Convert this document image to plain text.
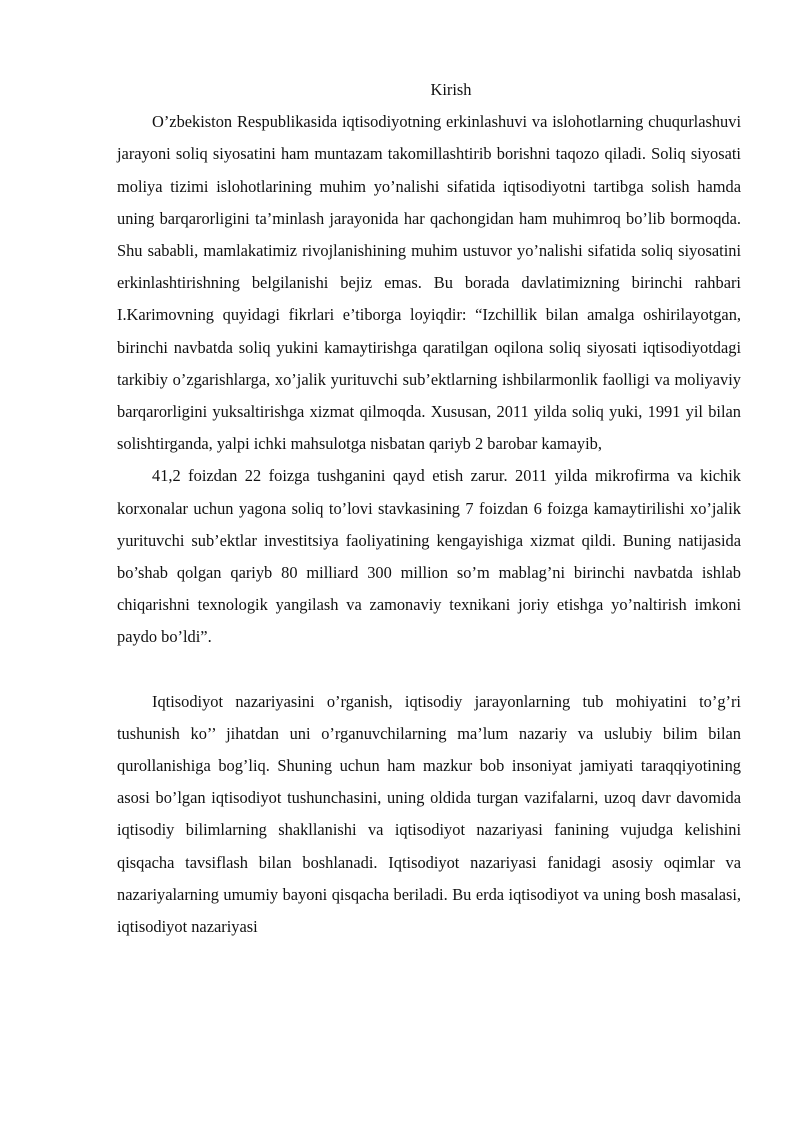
Kirish

O’zbekiston Respublikasida iqtisodiyotning erkinlashuvi va islohotlarning chuqurlashuvi jarayoni soliq siyosatini ham muntazam takomillashtirib borishni taqozo qiladi. Soliq siyosati moliya tizimi islohotlarining muhim yo’nalishi sifatida iqtisodiyotni tartibga solish hamda uning barqarorligini ta’minlash jarayonida har qachongidan ham muhimroq bo’lib bormoqda. Shu sababli, mamlakatimiz rivojlanishining muhim ustuvor yo’nalishi sifatida soliq siyosatini erkinlashtirishning belgilanishi bejiz emas. Bu borada davlatimizning birinchi rahbari I.Karimovning quyidagi fikrlari e’tiborga loyiqdir: “Izchillik bilan amalga oshirilayotgan, birinchi navbatda soliq yukini kamaytirishga qaratilgan oqilona soliq siyosati iqtisodiyotdagi tarkibiy o’zgarishlarga, xo’jalik yurituvchi sub’ektlarning ishbilarmonlik faolligi va moliyaviy barqarorligini yuksaltirishga xizmat qilmoqda. Xususan, 2011 yilda soliq yuki, 1991 yil bilan solishtirganda, yalpi ichki mahsulotga nisbatan qariyb 2 barobar kamayib,

41,2 foizdan 22 foizga tushganini qayd etish zarur. 2011 yilda mikrofirma va kichik korxonalar uchun yagona soliq to’lovi stavkasining 7 foizdan 6 foizga kamaytirilishi xo’jalik yurituvchi sub’ektlar investitsiya faoliyatining kengayishiga xizmat qildi. Buning natijasida bo’shab qolgan qariyb 80 milliard 300 million so’m mablag’ni birinchi navbatda ishlab chiqarishni texnologik yangilash va zamonaviy texnikani joriy etishga yo’naltirish imkoni paydo bo’ldi”.

Iqtisodiyot nazariyasini o’rganish, iqtisodiy jarayonlarning tub mohiyatini to’g’ri tushunish ko’’ jihatdan uni o’rganuvchilarning ma’lum nazariy va uslubiy bilim bilan qurollanishiga bog’liq. Shuning uchun ham mazkur bob insoniyat jamiyati taraqqiyotining asosi bo’lgan iqtisodiyot tushunchasini, uning oldida turgan vazifalarni, uzoq davr davomida iqtisodiy bilimlarning shakllanishi va iqtisodiyot nazariyasi fanining vujudga kelishini qisqacha tavsiflash bilan boshlanadi. Iqtisodiyot nazariyasi fanidagi asosiy oqimlar va nazariyalarning umumiy bayoni qisqacha beriladi. Bu erda iqtisodiyot va uning bosh masalasi, iqtisodiyot nazariyasi
